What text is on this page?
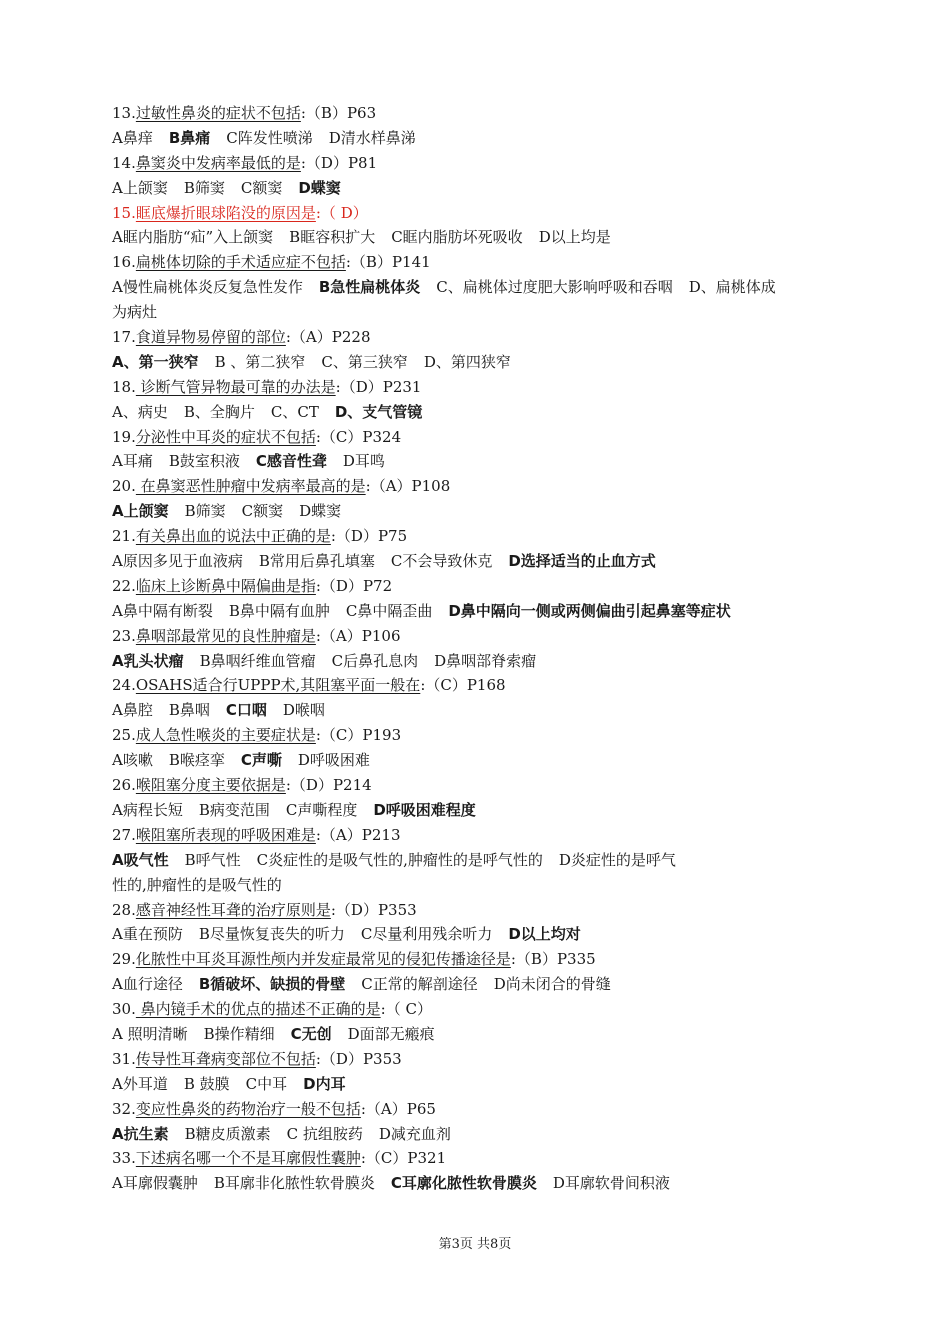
13.过敏性鼻炎的症状不包括:（B）P63
A鼻痒 B鼻痛 C阵发性喷涕 D清水样鼻涕
14.鼻窦炎中发病率最低的是:（D）P81
A上颌窦 B筛窦 C额窦 D蝶窦
15.眶底爆折眼球陷没的原因是:（ D）
A眶内脂肪“疝”入上颌窦 B眶容积扩大 C眶内脂肪坏死吸收 D以上均是
16.扁桃体切除的手术适应症不包括:（B）P141
A慢性扁桃体炎反复急性发作 B急性扁桃体炎 C、扁桃体过度肥大影响呼吸和吞咽 D、扁桃体成
为病灶
17.食道异物易停留的部位:（A）P228
A、第一狭窄 B 、第二狭窄 C、第三狭窄 D、第四狭窄
18. 诊断气管异物最可靠的办法是:（D）P231
A、病史 B、全胸片 C、CT D、支气管镜
19.分泌性中耳炎的症状不包括:（C）P324
A耳痛 B鼓室积液 C感音性聋 D耳鸣
20. 在鼻窦恶性肿瘤中发病率最高的是:（A）P108
A上颌窦 B筛窦 C额窦 D蝶窦
21.有关鼻出血的说法中正确的是:（D）P75
A原因多见于血液病 B常用后鼻孔填塞 C不会导致休克 D选择适当的止血方式
22.临床上诊断鼻中隔偏曲是指:（D）P72
A鼻中隔有断裂 B鼻中隔有血肿 C鼻中隔歪曲 D鼻中隔向一侧或两侧偏曲引起鼻塞等症状
23.鼻咽部最常见的良性肿瘤是:（A）P106
A乳头状瘤 B鼻咽纤维血管瘤 C后鼻孔息肉 D鼻咽部脊索瘤
24.OSAHS适合行UPPP术,其阻塞平面一般在:（C）P168
A鼻腔 B鼻咽 C口咽 D喉咽
25.成人急性喉炎的主要症状是:（C）P193
A咳嗽 B喉痉挛 C声嘶 D呼吸困难
26.喉阻塞分度主要依据是:（D）P214
A病程长短 B病变范围 C声嘶程度 D呼吸困难程度
27.喉阻塞所表现的呼吸困难是:（A）P213
A吸气性 B呼气性 C炎症性的是吸气性的,肿瘤性的是呼气性的 D炎症性的是呼气
性的,肿瘤性的是吸气性的
28.感音神经性耳聋的治疗原则是:（D）P353
A重在预防 B尽量恢复丧失的听力 C尽量利用残余听力 D以上均对
29.化脓性中耳炎耳源性颅内并发症最常见的侵犯传播途径是:（B）P335
A血行途径 B循破坏、缺损的骨壁 C正常的解剖途径 D尚未闭合的骨缝
30. 鼻内镜手术的优点的描述不正确的是:（ C）
A 照明清晰 B操作精细 C无创 D面部无瘢痕
31.传导性耳聋病变部位不包括:（D）P353
A外耳道 B 鼓膜 C中耳 D内耳
32.变应性鼻炎的药物治疗一般不包括:（A）P65
A抗生素 B糖皮质激素 C 抗组胺药 D减充血剂
33.下述病名哪一个不是耳廓假性囊肿:（C）P321
A耳廓假囊肿 B耳廓非化脓性软骨膜炎 C耳廓化脓性软骨膜炎 D耳廓软骨间积液
第3页 共8页
